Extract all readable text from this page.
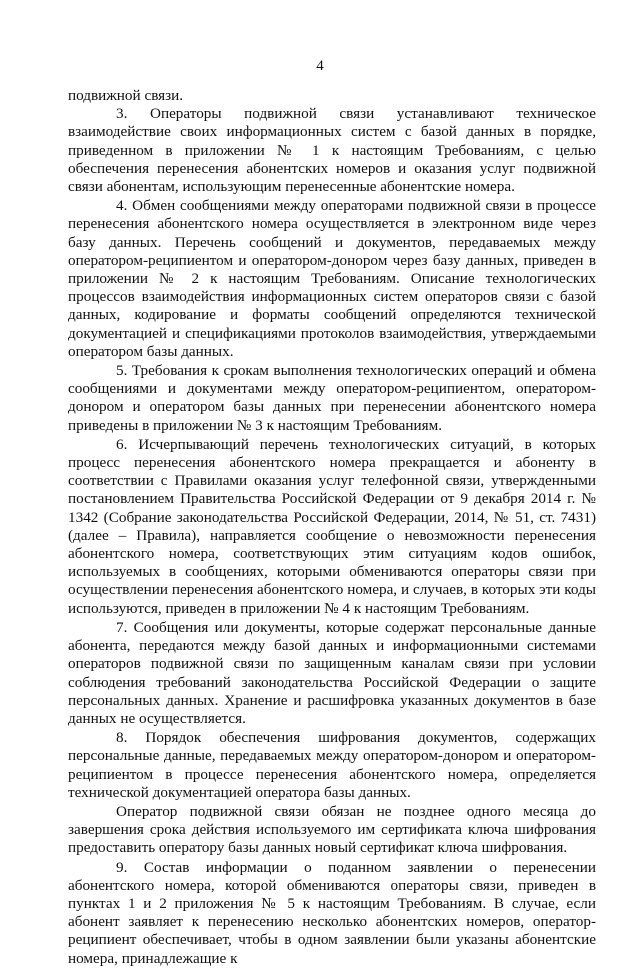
4

подвижной связи.

3. Операторы подвижной связи устанавливают техническое взаимодействие своих информационных систем с базой данных в порядке, приведенном в приложении № 1 к настоящим Требованиям, с целью обеспечения перенесения абонентских номеров и оказания услуг подвижной связи абонентам, использующим перенесенные абонентские номера.

4. Обмен сообщениями между операторами подвижной связи в процессе перенесения абонентского номера осуществляется в электронном виде через базу данных. Перечень сообщений и документов, передаваемых между оператором-реципиентом и оператором-донором через базу данных, приведен в приложении № 2 к настоящим Требованиям. Описание технологических процессов взаимодействия информационных систем операторов связи с базой данных, кодирование и форматы сообщений определяются технической документацией и спецификациями протоколов взаимодействия, утверждаемыми оператором базы данных.

5. Требования к срокам выполнения технологических операций и обмена сообщениями и документами между оператором-реципиентом, оператором-донором и оператором базы данных при перенесении абонентского номера приведены в приложении № 3 к настоящим Требованиям.

6. Исчерпывающий перечень технологических ситуаций, в которых процесс перенесения абонентского номера прекращается и абоненту в соответствии с Правилами оказания услуг телефонной связи, утвержденными постановлением Правительства Российской Федерации от 9 декабря 2014 г. № 1342 (Собрание законодательства Российской Федерации, 2014, № 51, ст. 7431) (далее – Правила), направляется сообщение о невозможности перенесения абонентского номера, соответствующих этим ситуациям кодов ошибок, используемых в сообщениях, которыми обмениваются операторы связи при осуществлении перенесения абонентского номера, и случаев, в которых эти коды используются, приведен в приложении № 4 к настоящим Требованиям.

7. Сообщения или документы, которые содержат персональные данные абонента, передаются между базой данных и информационными системами операторов подвижной связи по защищенным каналам связи при условии соблюдения требований законодательства Российской Федерации о защите персональных данных. Хранение и расшифровка указанных документов в базе данных не осуществляется.

8. Порядок обеспечения шифрования документов, содержащих персональные данные, передаваемых между оператором-донором и оператором-реципиентом в процессе перенесения абонентского номера, определяется технической документацией оператора базы данных.

Оператор подвижной связи обязан не позднее одного месяца до завершения срока действия используемого им сертификата ключа шифрования предоставить оператору базы данных новый сертификат ключа шифрования.

9. Состав информации о поданном заявлении о перенесении абонентского номера, которой обмениваются операторы связи, приведен в пунктах 1 и 2 приложения № 5 к настоящим Требованиям. В случае, если абонент заявляет к перенесению несколько абонентских номеров, оператор-реципиент обеспечивает, чтобы в одном заявлении были указаны абонентские номера, принадлежащие к
